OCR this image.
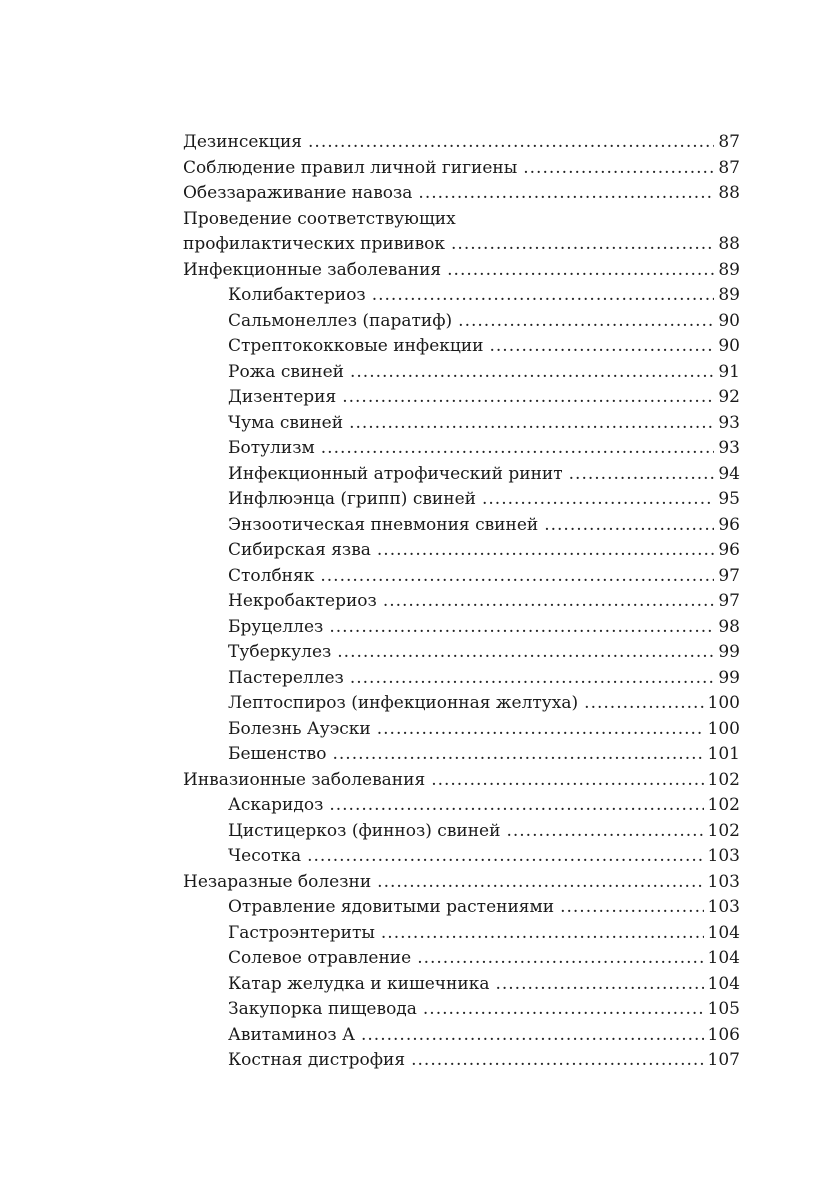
Дезинсекция .....	87
Соблюдение правил личной гигиены .....	87
Обеззараживание навоза .....	88
Проведение соответствующих
профилактических прививок .....	88
Инфекционные заболевания .....	89
Колибактериоз .....	89
Сальмонеллез (паратиф) .....	90
Стрептококковые инфекции .....	90
Рожа свиней .....	91
Дизентерия .....	92
Чума свиней .....	93
Ботулизм .....	93
Инфекционный атрофический ринит .....	94
Инфлюэнца (грипп) свиней .....	95
Энзоотическая пневмония свиней .....	96
Сибирская язва .....	96
Столбняк .....	97
Некробактериоз .....	97
Бруцеллез .....	98
Туберкулез .....	99
Пастереллез .....	99
Лептоспироз (инфекционная желтуха) .....	100
Болезнь Ауэски .....	100
Бешенство .....	101
Инвазионные заболевания .....	102
Аскаридоз .....	102
Цистицеркоз (финноз) свиней .....	102
Чесотка .....	103
Незаразные болезни .....	103
Отравление ядовитыми растениями .....	103
Гастроэнтериты .....	104
Солевое отравление .....	104
Катар желудка и кишечника .....	104
Закупорка пищевода .....	105
Авитаминоз А .....	106
Костная дистрофия .....	107
